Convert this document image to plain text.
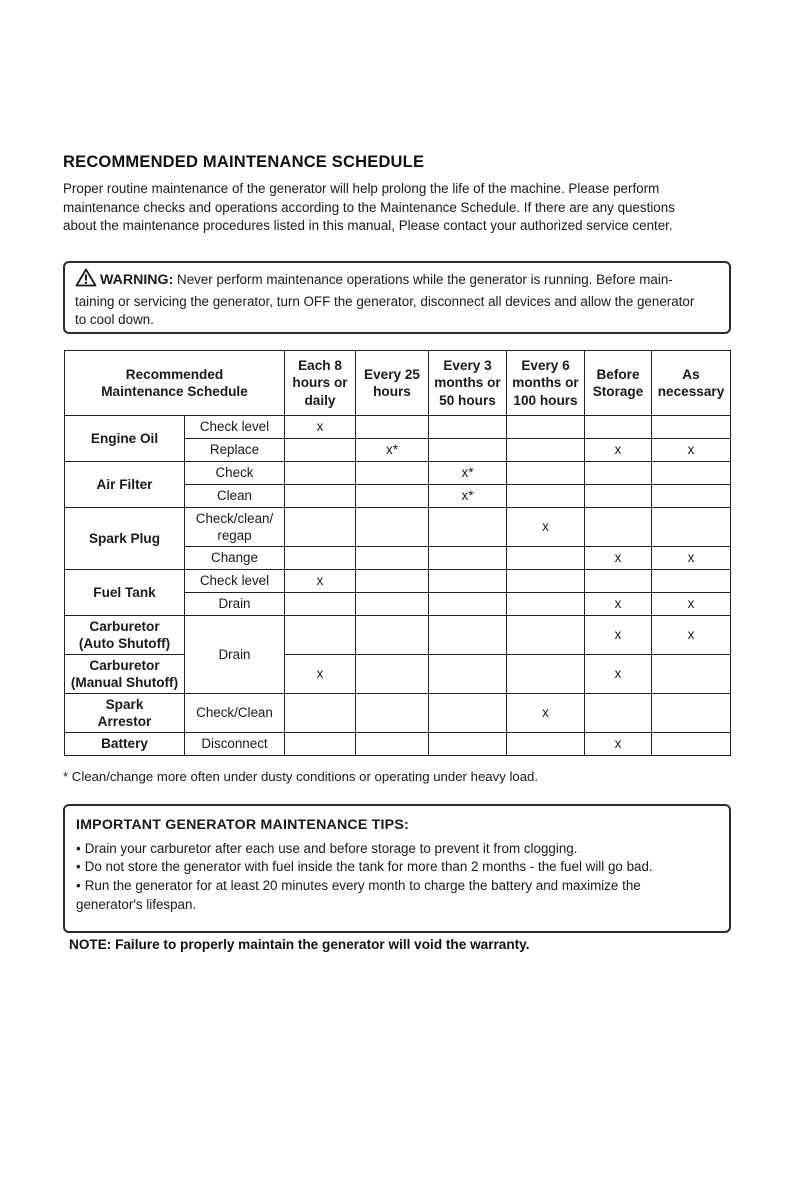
RECOMMENDED MAINTENANCE SCHEDULE

Proper routine maintenance of the generator will help prolong the life of the machine. Please perform
maintenance checks and operations according to the Maintenance Schedule. If there are any questions
about the maintenance procedures listed in this manual, Please contact your authorized service center.

WARNING: Never perform maintenance operations while the generator is running. Before main-
taining or servicing the generator, turn OFF the generator, disconnect all devices and allow the generator
to cool down.
Recommended
Maintenance Schedule		Each 8
hours or
daily	Every 25
hours	Every 3
months or
50 hours	Every 6
months or
100 hours	Before
Storage	As
necessary
Engine Oil	Check level	x					
	Replace		x*			x	x
Air Filter	Check			x*			
	Clean			x*			
Spark Plug	Check/clean/
regap				x		
	Change					x	x
Fuel Tank	Check level	x					
	Drain					x	x
Carburetor
(Auto Shutoff)	Drain					x	x
Carburetor
(Manual Shutoff)		x				x	
Spark
Arrestor	Check/Clean				x		
Battery	Disconnect					x	

* Clean/change more often under dusty conditions or operating under heavy load.

IMPORTANT GENERATOR MAINTENANCE TIPS:

• Drain your carburetor after each use and before storage to prevent it from clogging.
• Do not store the generator with fuel inside the tank for more than 2 months - the fuel will go bad.
• Run the generator for at least 20 minutes every month to charge the battery and maximize the
generator's lifespan.

NOTE: Failure to properly maintain the generator will void the warranty.
